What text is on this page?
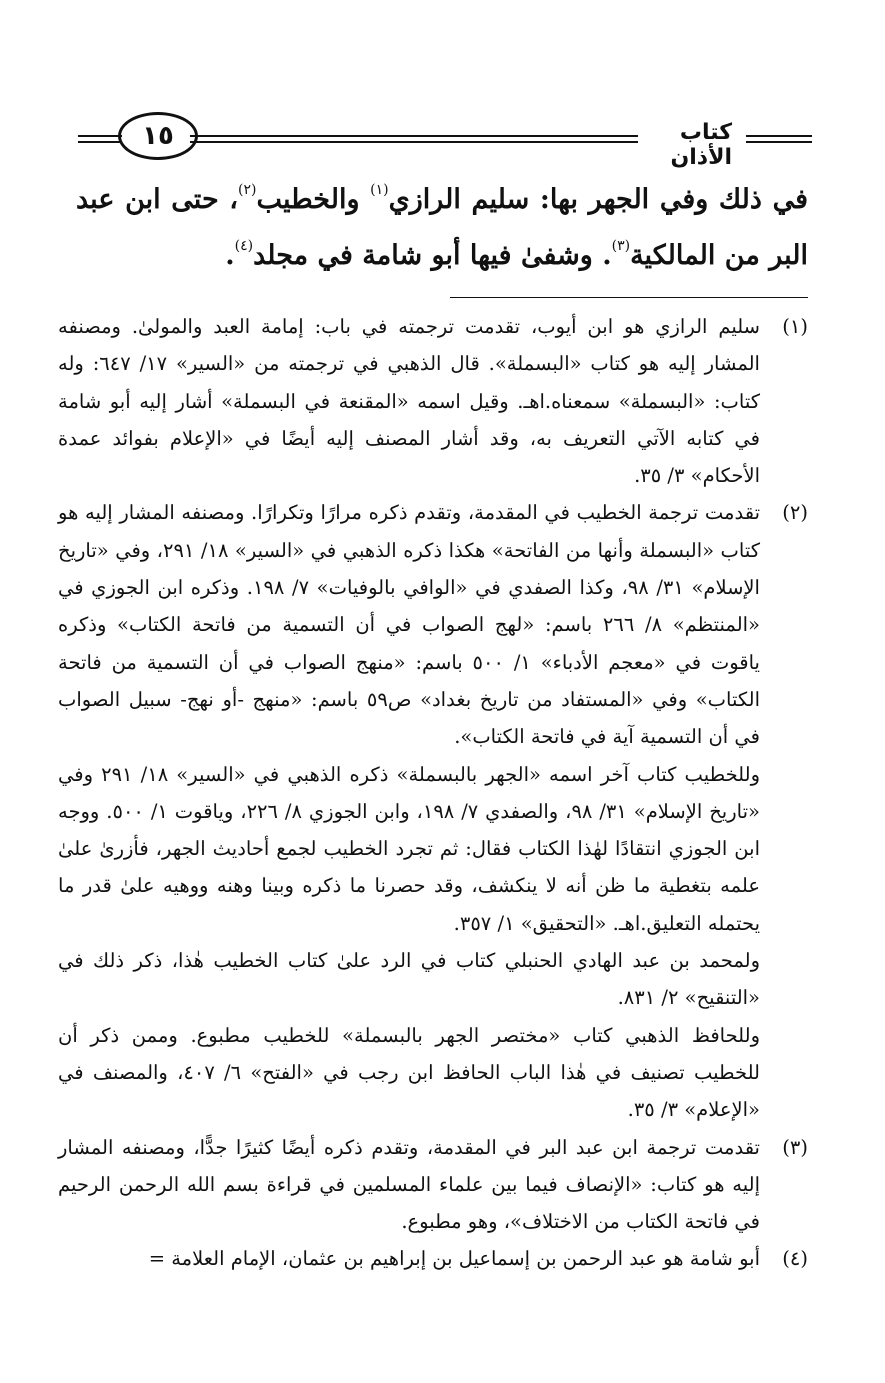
كتاب الأذان
١٥
في ذلك وفي الجهر بها: سليم الرازي$^{(١)}$ والخطيب$^{(٢)}$، حتى ابن عبد البر من المالكية$^{(٣)}$. وشفىٰ فيها أبو شامة في مجلد$^{(٤)}$.
(١)

سليم الرازي هو ابن أيوب، تقدمت ترجمته في باب: إمامة العبد والمولىٰ. ومصنفه المشار إليه هو كتاب «البسملة». قال الذهبي في ترجمته من «السير» ١٧/ ٦٤٧: وله كتاب: «البسملة» سمعناه.اهـ. وقيل اسمه «المقنعة في البسملة» أشار إليه أبو شامة في كتابه الآتي التعريف به، وقد أشار المصنف إليه أيضًا في «الإعلام بفوائد عمدة الأحكام» ٣/ ٣٥.

(٢)

تقدمت ترجمة الخطيب في المقدمة، وتقدم ذكره مرارًا وتكرارًا. ومصنفه المشار إليه هو كتاب «البسملة وأنها من الفاتحة» هكذا ذكره الذهبي في «السير» ١٨/ ٢٩١، وفي «تاريخ الإسلام» ٣١/ ٩٨، وكذا الصفدي في «الوافي بالوفيات» ٧/ ١٩٨. وذكره ابن الجوزي في «المنتظم» ٨/ ٢٦٦ باسم: «لهج الصواب في أن التسمية من فاتحة الكتاب» وذكره ياقوت في «معجم الأدباء» ١/ ٥٠٠ باسم: «منهج الصواب في أن التسمية من فاتحة الكتاب» وفي «المستفاد من تاريخ بغداد» ص٥٩ باسم: «منهج -أو نهج- سبيل الصواب في أن التسمية آية في فاتحة الكتاب».

وللخطيب كتاب آخر اسمه «الجهر بالبسملة» ذكره الذهبي في «السير» ١٨/ ٢٩١ وفي «تاريخ الإسلام» ٣١/ ٩٨، والصفدي ٧/ ١٩٨، وابن الجوزي ٨/ ٢٢٦، وياقوت ١/ ٥٠٠. ووجه ابن الجوزي انتقادًا لهٰذا الكتاب فقال: ثم تجرد الخطيب لجمع أحاديث الجهر، فأزرىٰ علىٰ علمه بتغطية ما ظن أنه لا ينكشف، وقد حصرنا ما ذكره وبينا وهنه ووهيه علىٰ قدر ما يحتمله التعليق.اهـ. «التحقيق» ١/ ٣٥٧.

ولمحمد بن عبد الهادي الحنبلي كتاب في الرد علىٰ كتاب الخطيب هٰذا، ذكر ذلك في «التنقيح» ٢/ ٨٣١.

وللحافظ الذهبي كتاب «مختصر الجهر بالبسملة» للخطيب مطبوع. وممن ذكر أن للخطيب تصنيف في هٰذا الباب الحافظ ابن رجب في «الفتح» ٦/ ٤٠٧، والمصنف في «الإعلام» ٣/ ٣٥.

(٣)

تقدمت ترجمة ابن عبد البر في المقدمة، وتقدم ذكره أيضًا كثيرًا جدًّا، ومصنفه المشار إليه هو كتاب: «الإنصاف فيما بين علماء المسلمين في قراءة بسم الله الرحمن الرحيم في فاتحة الكتاب من الاختلاف»، وهو مطبوع.

(٤)

أبو شامة هو عبد الرحمن بن إسماعيل بن إبراهيم بن عثمان، الإمام العلامة =
